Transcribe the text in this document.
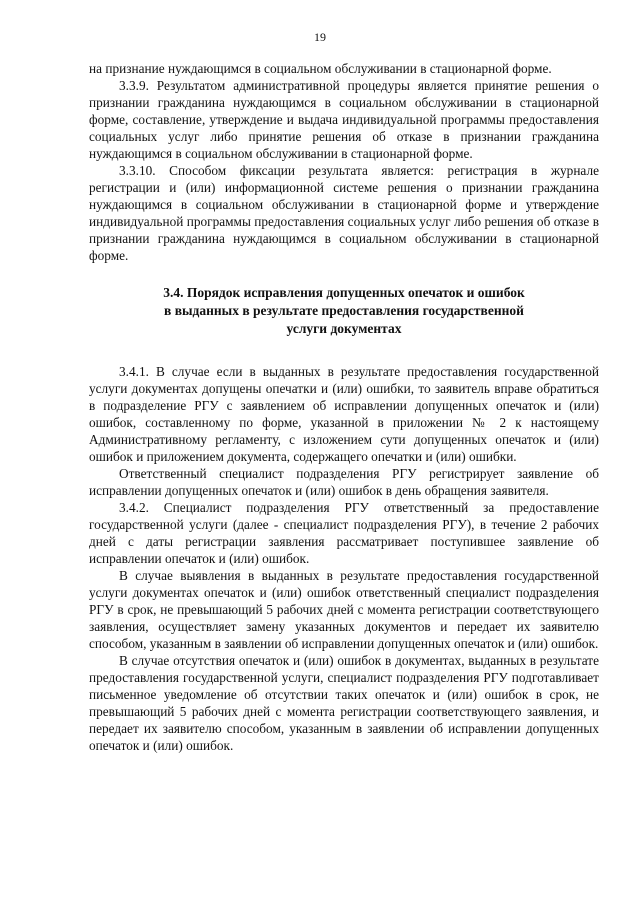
19

на признание нуждающимся в социальном обслуживании в стационарной форме.

3.3.9. Результатом административной процедуры является принятие решения о признании гражданина нуждающимся в социальном обслуживании в стационарной форме, составление, утверждение и выдача индивидуальной программы предоставления социальных услуг либо принятие решения об отказе в признании гражданина нуждающимся в социальном обслуживании в стационарной форме.

3.3.10. Способом фиксации результата является: регистрация в журнале регистрации и (или) информационной системе решения о признании гражданина нуждающимся в социальном обслуживании в стационарной форме и утверждение индивидуальной программы предоставления социальных услуг либо решения об отказе в признании гражданина нуждающимся в социальном обслуживании в стационарной форме.

3.4. Порядок исправления допущенных опечаток и ошибок
в выданных в результате предоставления государственной
услуги документах

3.4.1. В случае если в выданных в результате предоставления государственной услуги документах допущены опечатки и (или) ошибки, то заявитель вправе обратиться в подразделение РГУ с заявлением об исправлении допущенных опечаток и (или) ошибок, составленному по форме, указанной в приложении № 2 к настоящему Административному регламенту, с изложением сути допущенных опечаток и (или) ошибок и приложением документа, содержащего опечатки и (или) ошибки.

Ответственный специалист подразделения РГУ регистрирует заявление об исправлении допущенных опечаток и (или) ошибок в день обращения заявителя.

3.4.2. Специалист подразделения РГУ ответственный за предоставление государственной услуги (далее - специалист подразделения РГУ), в течение 2 рабочих дней с даты регистрации заявления рассматривает поступившее заявление об исправлении опечаток и (или) ошибок.

В случае выявления в выданных в результате предоставления государственной услуги документах опечаток и (или) ошибок ответственный специалист подразделения РГУ в срок, не превышающий 5 рабочих дней с момента регистрации соответствующего заявления, осуществляет замену указанных документов и передает их заявителю способом, указанным в заявлении об исправлении допущенных опечаток и (или) ошибок.

В случае отсутствия опечаток и (или) ошибок в документах, выданных в результате предоставления государственной услуги, специалист подразделения РГУ подготавливает письменное уведомление об отсутствии таких опечаток и (или) ошибок в срок, не превышающий 5 рабочих дней с момента регистрации соответствующего заявления, и передает их заявителю способом, указанным в заявлении об исправлении допущенных опечаток и (или) ошибок.
